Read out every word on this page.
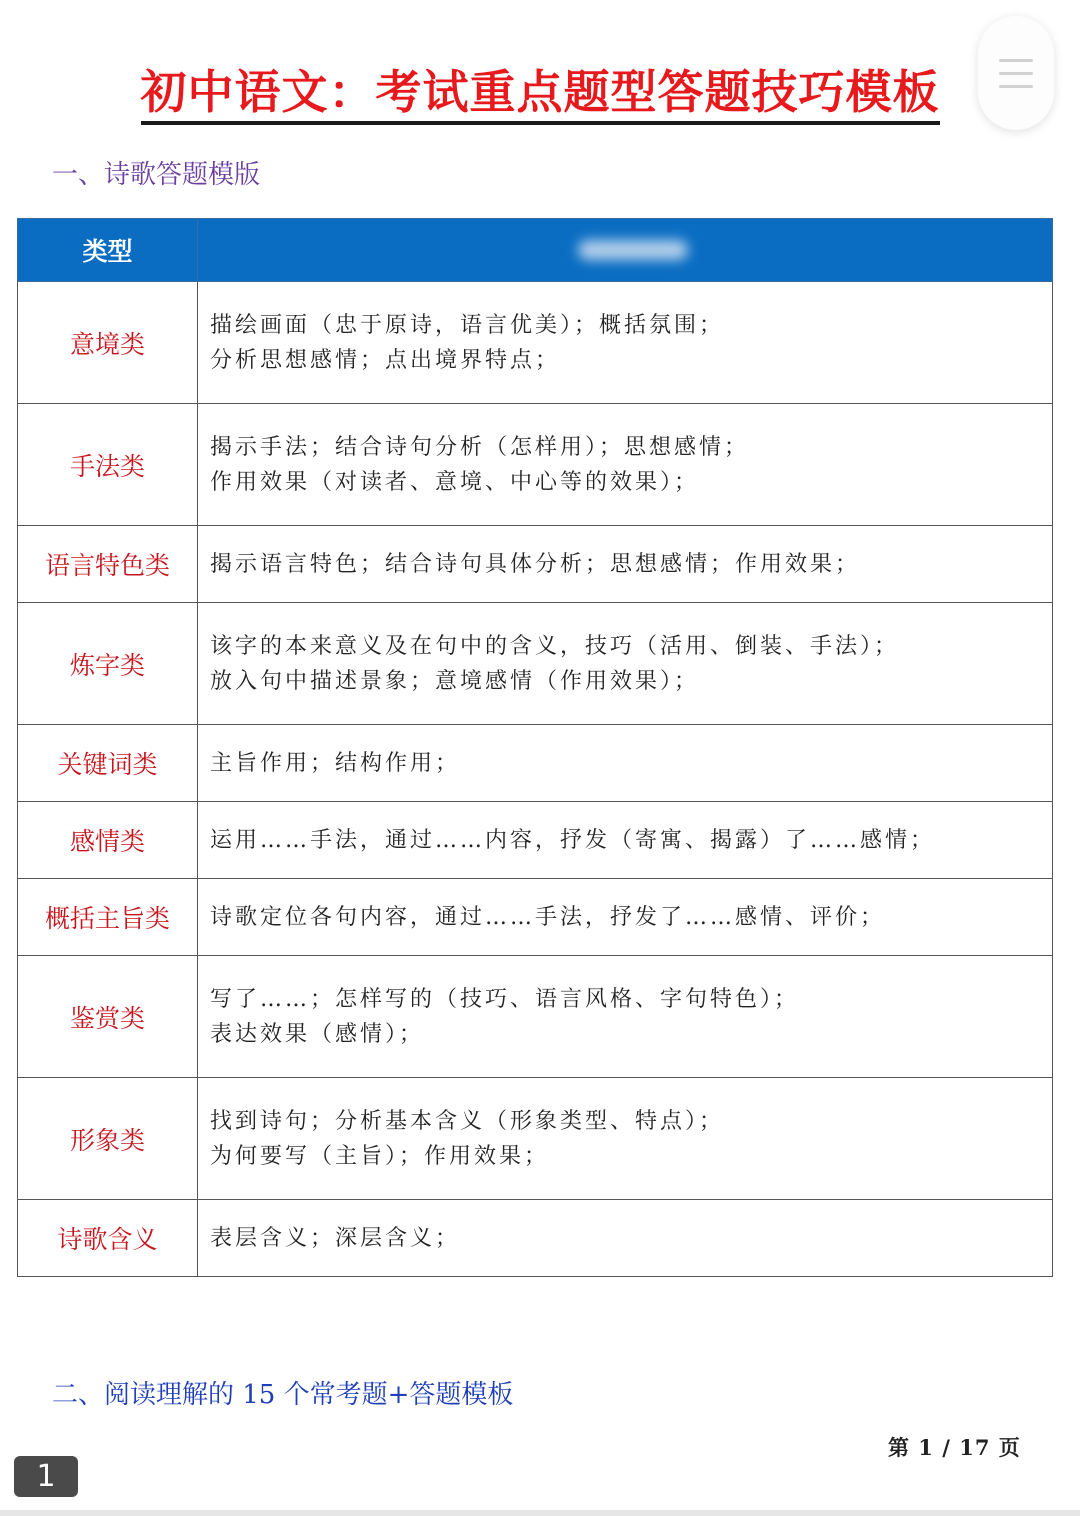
初中语文：考试重点题型答题技巧模板
一、诗歌答题模版
类型	

意境类	描绘画面（忠于原诗，语言优美）；概括氛围；
分析思想感情；点出境界特点；

手法类	揭示手法；结合诗句分析（怎样用）；思想感情；
作用效果（对读者、意境、中心等的效果）；

语言特色类	揭示语言特色；结合诗句具体分析；思想感情；作用效果；

炼字类	该字的本来意义及在句中的含义，技巧（活用、倒装、手法）；
放入句中描述景象；意境感情（作用效果）；

关键词类	主旨作用；结构作用；

感情类	运用……手法，通过……内容，抒发（寄寓、揭露）了……感情；

概括主旨类	诗歌定位各句内容，通过……手法，抒发了……感情、评价；

鉴赏类	写了……；怎样写的（技巧、语言风格、字句特色）；
表达效果（感情）；

形象类	找到诗句；分析基本含义（形象类型、特点）；
为何要写（主旨）；作用效果；

诗歌含义	表层含义；深层含义；
二、阅读理解的 15 个常考题+答题模板
第 1 / 17 页
1
